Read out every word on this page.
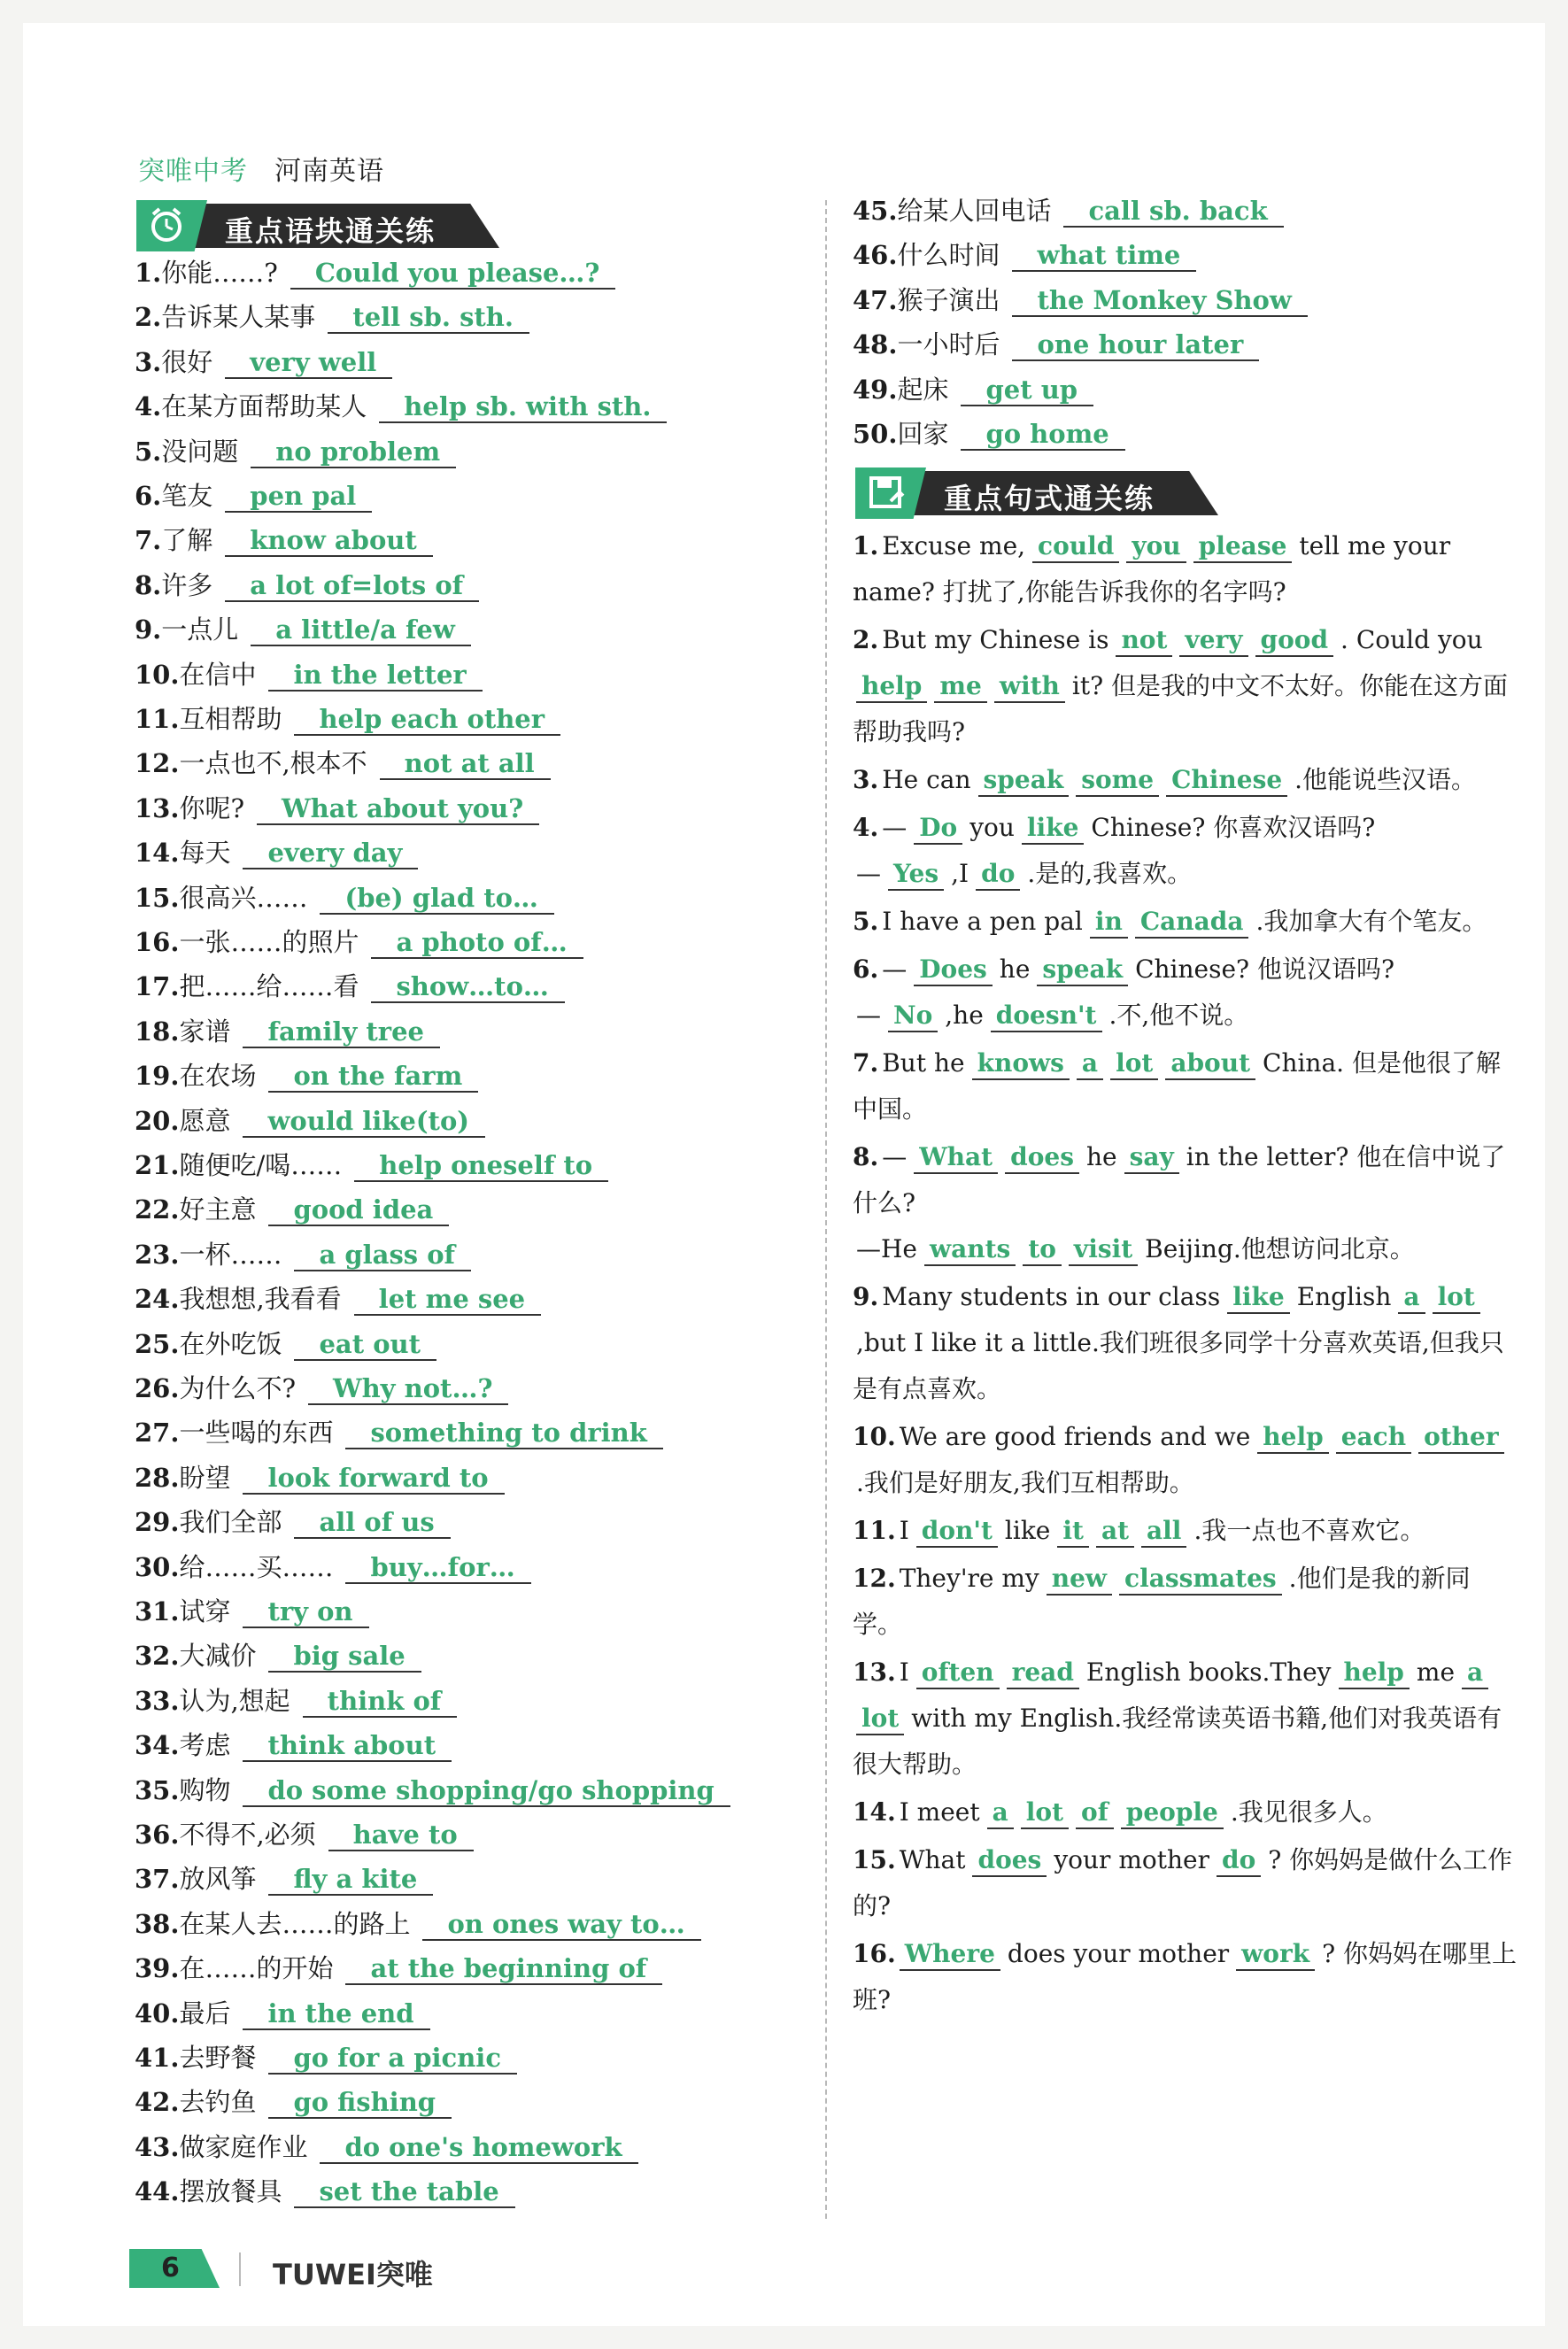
突唯中考 河南英语
重点语块通关练
重点句式通关练
1.你能……? Could you please…?
2.告诉某人某事 tell sb. sth.
3.很好 very well
4.在某方面帮助某人 help sb. with sth.
5.没问题 no problem
6.笔友 pen pal
7.了解 know about
8.许多 a lot of=lots of
9.一点儿 a little/a few
10.在信中 in the letter
11.互相帮助 help each other
12.一点也不,根本不 not at all
13.你呢? What about you?
14.每天 every day
15.很高兴…… (be) glad to…
16.一张……的照片 a photo of…
17.把……给……看 show…to…
18.家谱 family tree
19.在农场 on the farm
20.愿意 would like(to)
21.随便吃/喝…… help oneself to
22.好主意 good idea
23.一杯…… a glass of
24.我想想,我看看 let me see
25.在外吃饭 eat out
26.为什么不? Why not…?
27.一些喝的东西 something to drink
28.盼望 look forward to
29.我们全部 all of us
30.给……买…… buy…for…
31.试穿 try on
32.大减价 big sale
33.认为,想起 think of
34.考虑 think about
35.购物 do some shopping/go shopping
36.不得不,必须 have to
37.放风筝 fly a kite
38.在某人去……的路上 on ones way to…
39.在……的开始 at the beginning of
40.最后 in the end
41.去野餐 go for a picnic
42.去钓鱼 go fishing
43.做家庭作业 do one's homework
44.摆放餐具 set the table
45.给某人回电话 call sb. back
46.什么时间 what time
47.猴子演出 the Monkey Show
48.一小时后 one hour later
49.起床 get up
50.回家 go home
1. Excuse me, could you please tell me your name? 打扰了,你能告诉我你的名字吗?
2. But my Chinese is not very good . Could youhelp me with it? 但是我的中文不太好。你能在这方面帮助我吗?
3. He can speak some Chinese .他能说些汉语。
4. — Do you like Chinese? 你喜欢汉语吗?
— Yes ,I do .是的,我喜欢。
5. I have a pen pal in Canada .我加拿大有个笔友。
6. — Does he speak Chinese? 他说汉语吗?
— No ,he doesn't .不,他不说。
7. But he knows a lot about China. 但是他很了解中国。
8. — What does he say in the letter? 他在信中说了什么?
—He wants to visit Beijing.他想访问北京。
9. Many students in our class like English a lot,but I like it a little.我们班很多同学十分喜欢英语,但我只是有点喜欢。
10. We are good friends and we help each other.我们是好朋友,我们互相帮助。
11. I don't like it at all .我一点也不喜欢它。
12. They're my new classmates .他们是我的新同学。
13. I often read English books.They help me alot with my English.我经常读英语书籍,他们对我英语有很大帮助。
14. I meet a lot of people .我见很多人。
15. What does your mother do ? 你妈妈是做什么工作的?
16. Where does your mother work ? 你妈妈在哪里上班?
6	TUWEI突唯
